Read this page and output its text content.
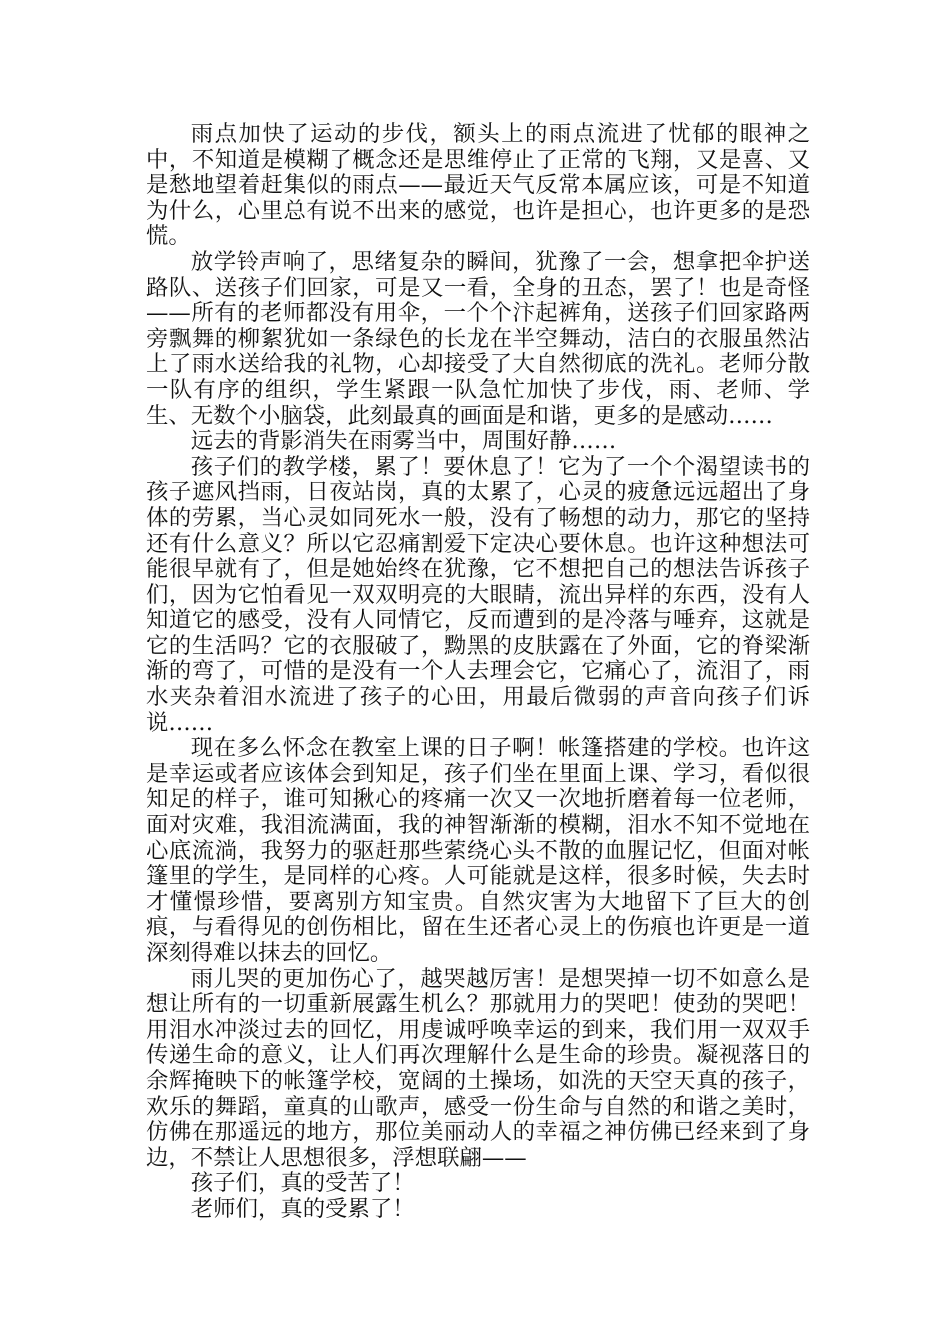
雨点加快了运动的步伐，额头上的雨点流进了忧郁的眼神之中，不知道是模糊了概念还是思维停止了正常的飞翔，又是喜、又是愁地望着赶集似的雨点——最近天气反常本属应该，可是不知道为什么，心里总有说不出来的感觉，也许是担心，也许更多的是恐慌。

放学铃声响了，思绪复杂的瞬间，犹豫了一会，想拿把伞护送路队、送孩子们回家，可是又一看，全身的丑态，罢了！也是奇怪——所有的老师都没有用伞，一个个汴起裤角，送孩子们回家路两旁飘舞的柳絮犹如一条绿色的长龙在半空舞动，洁白的衣服虽然沾上了雨水送给我的礼物，心却接受了大自然彻底的洗礼。老师分散一队有序的组织，学生紧跟一队急忙加快了步伐，雨、老师、学生、无数个小脑袋，此刻最真的画面是和谐，更多的是感动……

远去的背影消失在雨雾当中，周围好静……

孩子们的教学楼，累了！要休息了！它为了一个个渴望读书的孩子遮风挡雨，日夜站岗，真的太累了，心灵的疲惫远远超出了身体的劳累，当心灵如同死水一般，没有了畅想的动力，那它的坚持还有什么意义？所以它忍痛割爱下定决心要休息。也许这种想法可能很早就有了，但是她始终在犹豫，它不想把自己的想法告诉孩子们，因为它怕看见一双双明亮的大眼睛，流出异样的东西，没有人知道它的感受，没有人同情它，反而遭到的是冷落与唾弃，这就是它的生活吗？它的衣服破了，黝黑的皮肤露在了外面，它的脊梁渐渐的弯了，可惜的是没有一个人去理会它，它痛心了，流泪了，雨水夹杂着泪水流进了孩子的心田，用最后微弱的声音向孩子们诉说……

现在多么怀念在教室上课的日子啊！帐篷搭建的学校。也许这是幸运或者应该体会到知足，孩子们坐在里面上课、学习，看似很知足的样子，谁可知揪心的疼痛一次又一次地折磨着每一位老师，面对灾难，我泪流满面，我的神智渐渐的模糊，泪水不知不觉地在心底流淌，我努力的驱赶那些萦绕心头不散的血腥记忆，但面对帐篷里的学生，是同样的心疼。人可能就是这样，很多时候，失去时才懂憬珍惜，要离别方知宝贵。自然灾害为大地留下了巨大的创痕，与看得见的创伤相比，留在生还者心灵上的伤痕也许更是一道深刻得难以抹去的回忆。

雨儿哭的更加伤心了，越哭越厉害！是想哭掉一切不如意么是想让所有的一切重新展露生机么？那就用力的哭吧！使劲的哭吧！用泪水冲淡过去的回忆，用虔诚呼唤幸运的到来，我们用一双双手传递生命的意义，让人们再次理解什么是生命的珍贵。凝视落日的余辉掩映下的帐篷学校，宽阔的土操场，如洗的天空天真的孩子，欢乐的舞蹈，童真的山歌声，感受一份生命与自然的和谐之美时，仿佛在那遥远的地方，那位美丽动人的幸福之神仿佛已经来到了身边，不禁让人思想很多，浮想联翩——

孩子们，真的受苦了！

老师们，真的受累了！
